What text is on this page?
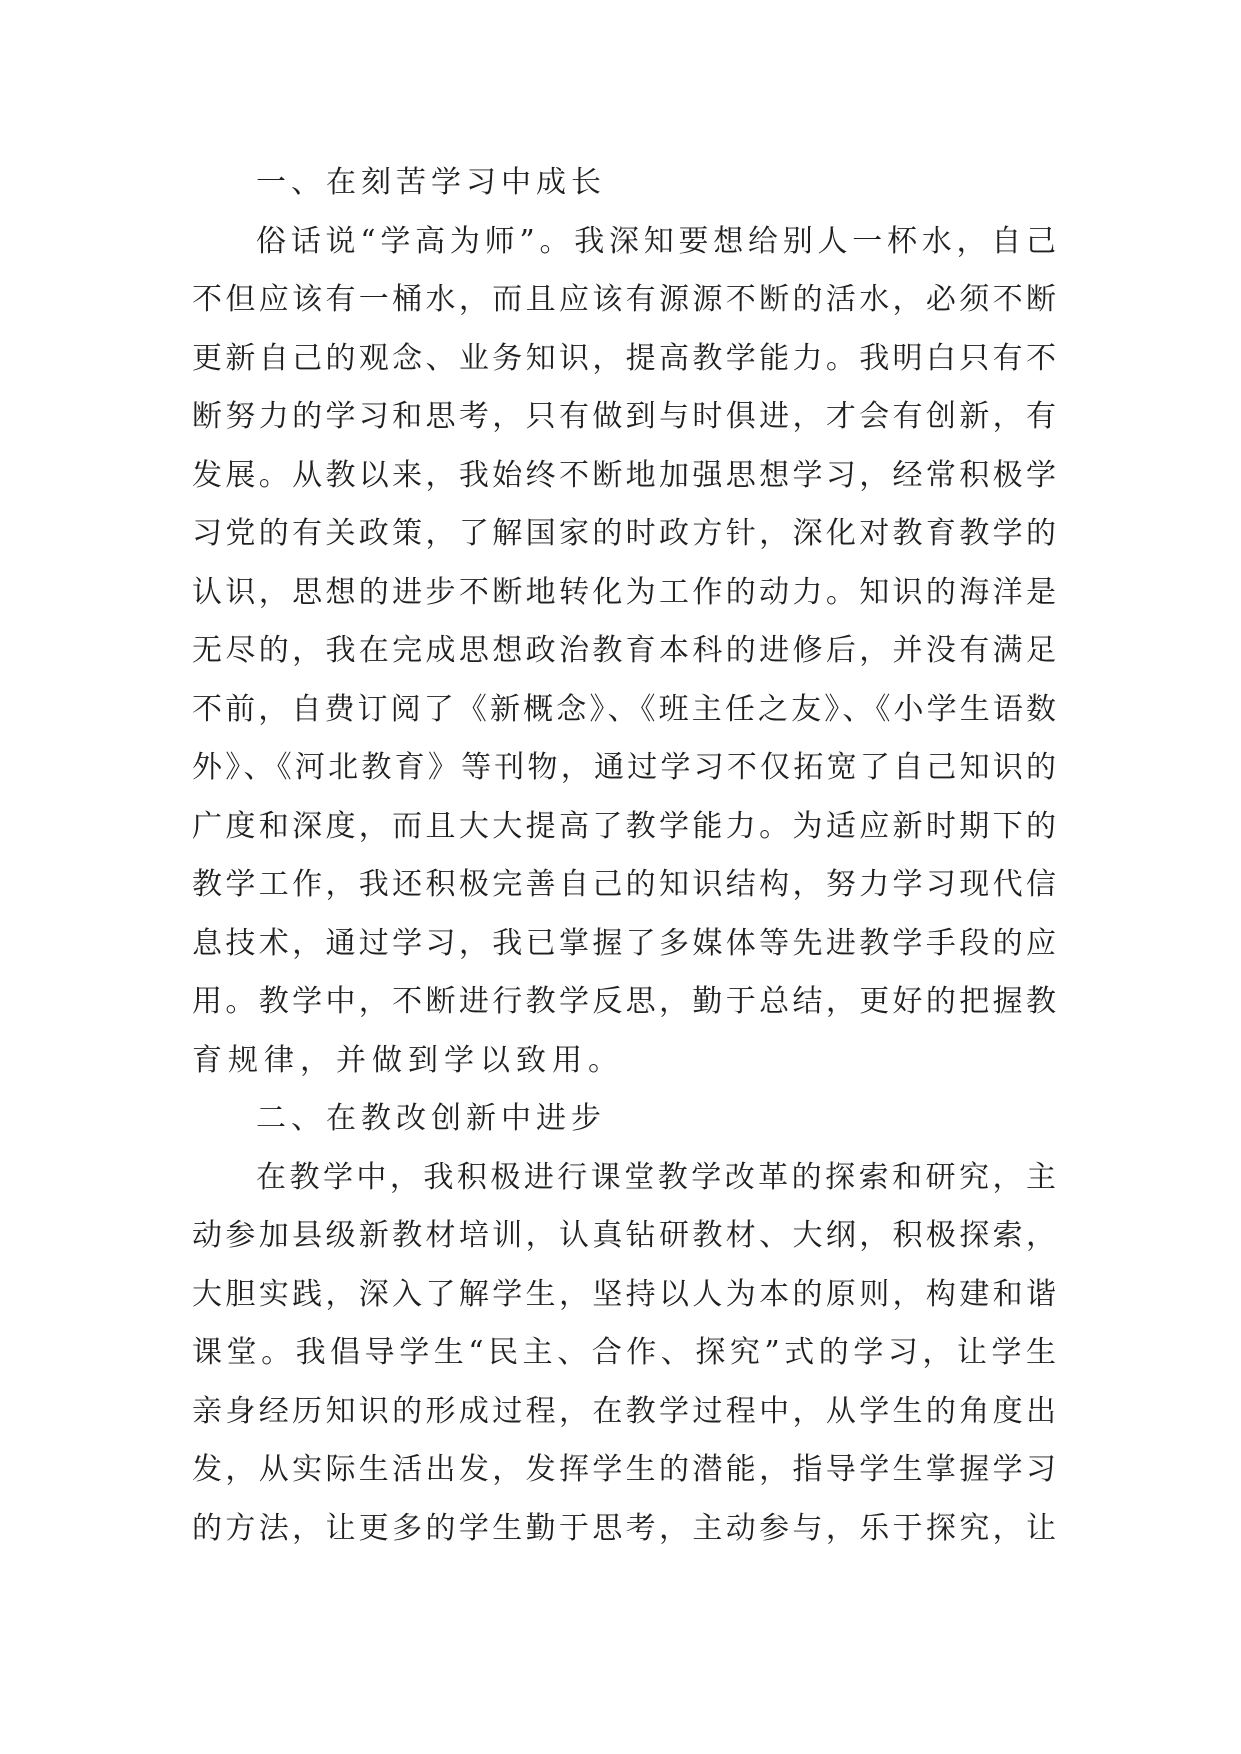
一、在刻苦学习中成长
俗话说“学高为师”。我深知要想给别人一杯水，自己
不但应该有一桶水，而且应该有源源不断的活水，必须不断
更新自己的观念、业务知识，提高教学能力。我明白只有不
断努力的学习和思考，只有做到与时俱进，才会有创新，有
发展。从教以来，我始终不断地加强思想学习，经常积极学
习党的有关政策，了解国家的时政方针，深化对教育教学的
认识，思想的进步不断地转化为工作的动力。知识的海洋是
无尽的，我在完成思想政治教育本科的进修后，并没有满足
不前，自费订阅了《新概念》、《班主任之友》、《小学生语数
外》、《河北教育》等刊物，通过学习不仅拓宽了自己知识的
广度和深度，而且大大提高了教学能力。为适应新时期下的
教学工作，我还积极完善自己的知识结构，努力学习现代信
息技术，通过学习，我已掌握了多媒体等先进教学手段的应
用。教学中，不断进行教学反思，勤于总结，更好的把握教
育规律，并做到学以致用。
二、在教改创新中进步
在教学中，我积极进行课堂教学改革的探索和研究，主
动参加县级新教材培训，认真钻研教材、大纲，积极探索，
大胆实践，深入了解学生，坚持以人为本的原则，构建和谐
课堂。我倡导学生“民主、合作、探究”式的学习，让学生
亲身经历知识的形成过程，在教学过程中，从学生的角度出
发，从实际生活出发，发挥学生的潜能，指导学生掌握学习
的方法，让更多的学生勤于思考，主动参与，乐于探究，让
